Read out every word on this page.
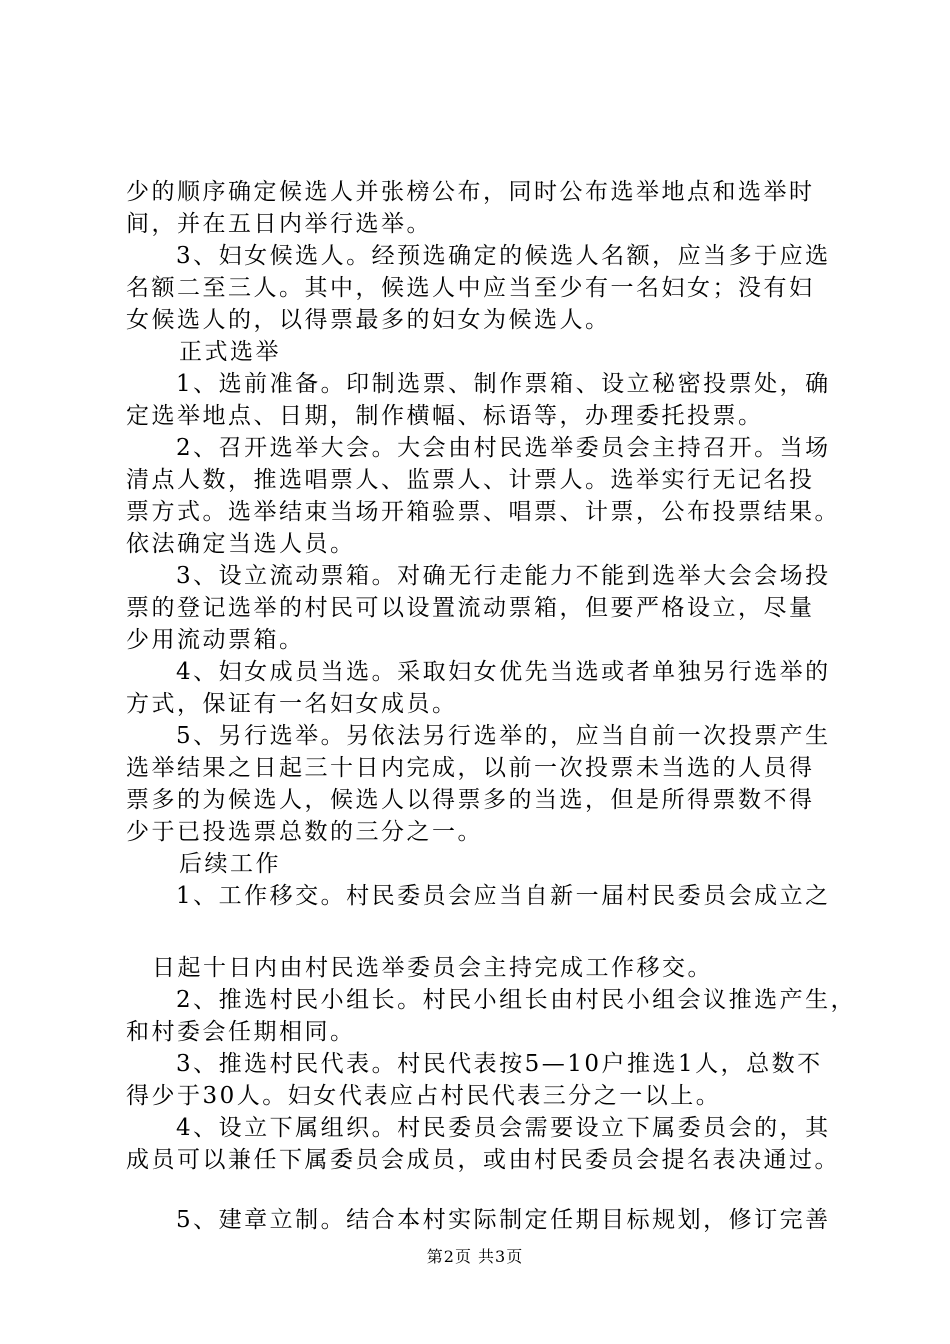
少的顺序确定候选人并张榜公布，同时公布选举地点和选举时
间，并在五日内举行选举。
3、妇女候选人。经预选确定的候选人名额，应当多于应选
名额二至三人。其中，候选人中应当至少有一名妇女；没有妇
女候选人的，以得票最多的妇女为候选人。
正式选举
1、选前准备。印制选票、制作票箱、设立秘密投票处，确
定选举地点、日期，制作横幅、标语等，办理委托投票。
2、召开选举大会。大会由村民选举委员会主持召开。当场
清点人数，推选唱票人、监票人、计票人。选举实行无记名投
票方式。选举结束当场开箱验票、唱票、计票，公布投票结果。
依法确定当选人员。
3、设立流动票箱。对确无行走能力不能到选举大会会场投
票的登记选举的村民可以设置流动票箱，但要严格设立，尽量
少用流动票箱。
4、妇女成员当选。采取妇女优先当选或者单独另行选举的
方式，保证有一名妇女成员。
5、另行选举。另依法另行选举的，应当自前一次投票产生
选举结果之日起三十日内完成，以前一次投票未当选的人员得
票多的为候选人，候选人以得票多的当选，但是所得票数不得
少于已投选票总数的三分之一。
后续工作
1、工作移交。村民委员会应当自新一届村民委员会成立之
日起十日内由村民选举委员会主持完成工作移交。
2、推选村民小组长。村民小组长由村民小组会议推选产生，
和村委会任期相同。
3、推选村民代表。村民代表按5—10户推选1人，总数不
得少于30人。妇女代表应占村民代表三分之一以上。
4、设立下属组织。村民委员会需要设立下属委员会的，其
成员可以兼任下属委员会成员，或由村民委员会提名表决通过。
5、建章立制。结合本村实际制定任期目标规划，修订完善
第2页 共3页
